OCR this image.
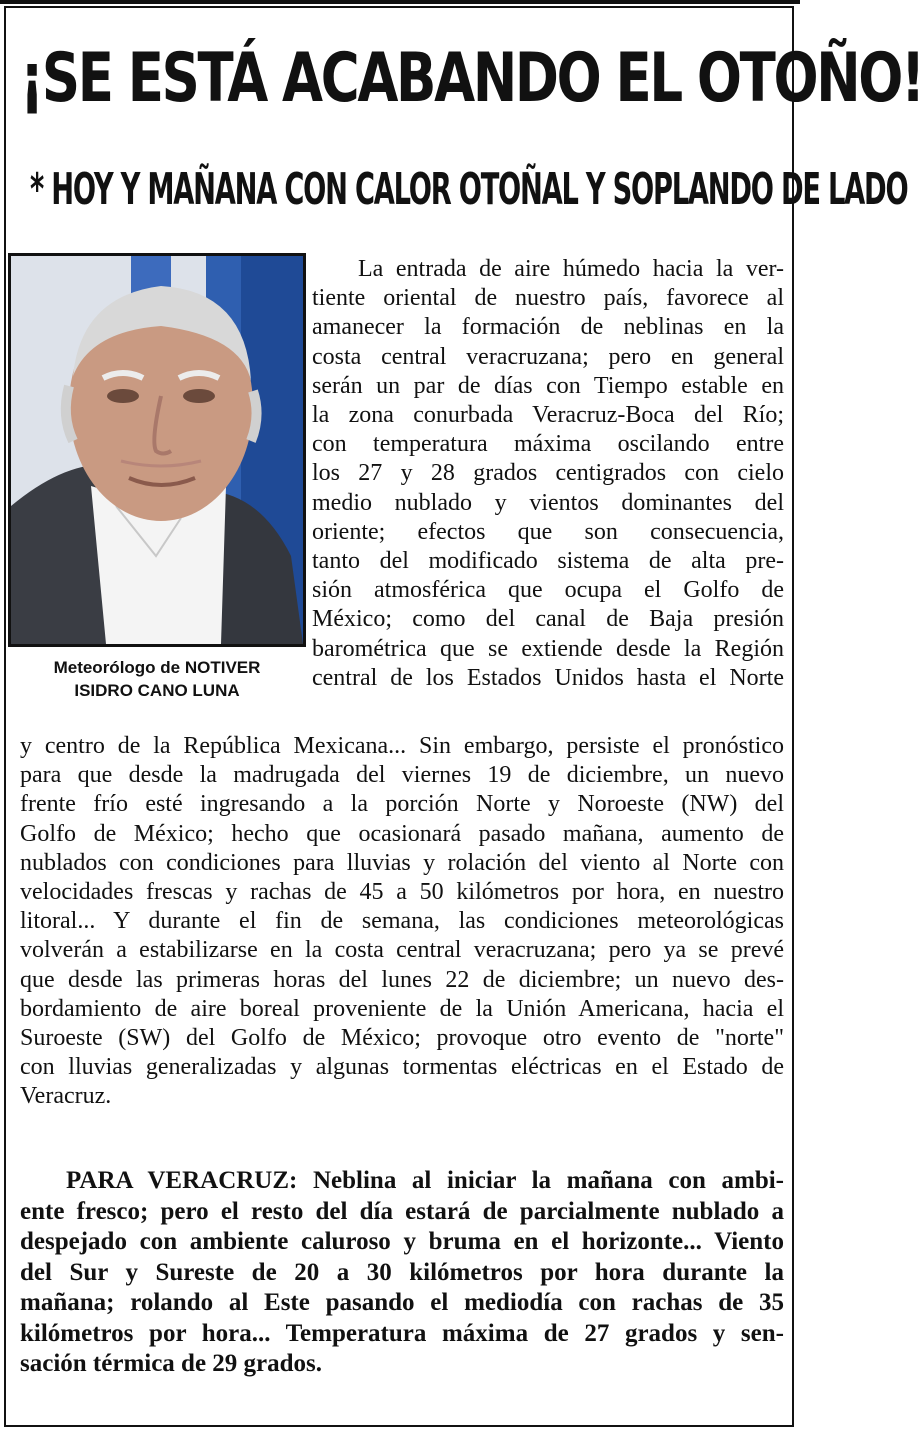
¡SE ESTÁ ACABANDO EL OTOÑO!
* HOY Y MAÑANA CON CALOR OTOÑAL Y SOPLANDO DE LADO
Meteorólogo de NOTIVER
ISIDRO CANO LUNA
La entrada de aire húmedo hacia la ver-
tiente oriental de nuestro país, favorece al
amanecer la formación de neblinas en la
costa central veracruzana; pero en general
serán un par de días con Tiempo estable en
la zona conurbada Veracruz-Boca del Río;
con temperatura máxima oscilando entre
los 27 y 28 grados centigrados con cielo
medio nublado y vientos dominantes del
oriente; efectos que son consecuencia,
tanto del modificado sistema de alta pre-
sión atmosférica que ocupa el Golfo de
México; como del canal de Baja presión
barométrica que se extiende desde la Región
central de los Estados Unidos hasta el Norte
y centro de la República Mexicana... Sin embargo, persiste el pronóstico
para que desde la madrugada del viernes 19 de diciembre, un nuevo
frente frío esté ingresando a la porción Norte y Noroeste (NW) del
Golfo de México; hecho que ocasionará pasado mañana, aumento de
nublados con condiciones para lluvias y rolación del viento al Norte con
velocidades frescas y rachas de 45 a 50 kilómetros por hora, en nuestro
litoral... Y durante el fin de semana, las condiciones meteorológicas
volverán a estabilizarse en la costa central veracruzana; pero ya se prevé
que desde las primeras horas del lunes 22 de diciembre; un nuevo des-
bordamiento de aire boreal proveniente de la Unión Americana, hacia el
Suroeste (SW) del Golfo de México; provoque otro evento de "norte"
con lluvias generalizadas y algunas tormentas eléctricas en el Estado de
Veracruz.
PARA VERACRUZ: Neblina al iniciar la mañana con ambi-
ente fresco; pero el resto del día estará de parcialmente nublado a
despejado con ambiente caluroso y bruma en el horizonte... Viento
del Sur y Sureste de 20 a 30 kilómetros por hora durante la
mañana; rolando al Este pasando el mediodía con rachas de 35
kilómetros por hora... Temperatura máxima de 27 grados y sen-
sación térmica de 29 grados.
